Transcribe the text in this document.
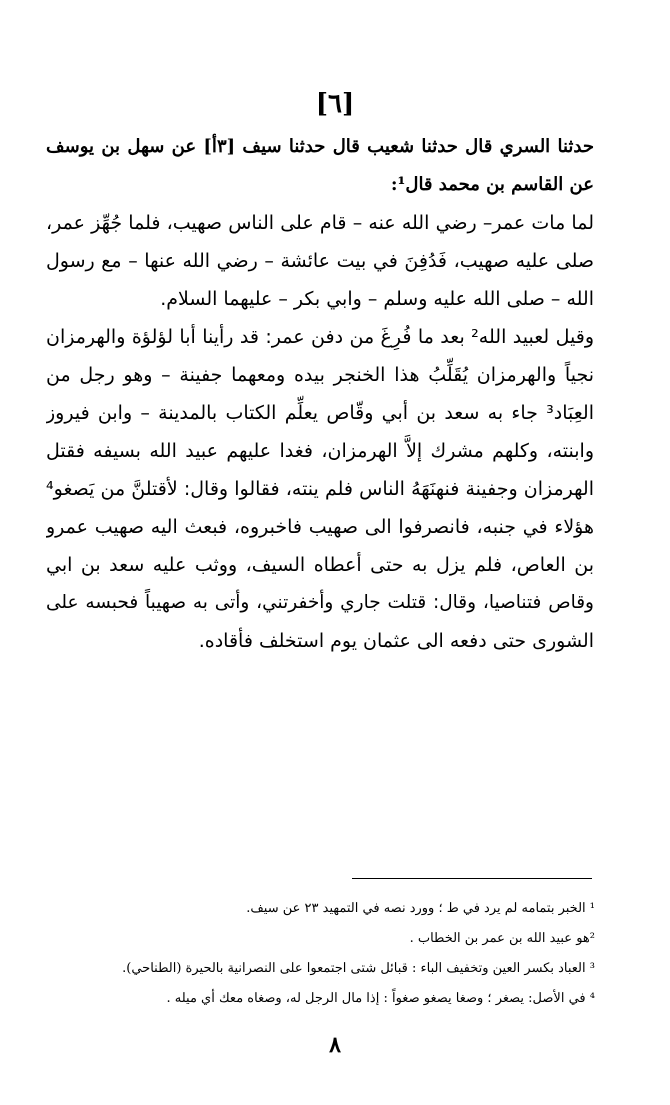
[٦]
حدثنا السري قال حدثنا شعيب قال حدثنا سيف [٣أ] عن سهل بن يوسف
عن القاسم بن محمد قال¹:
لما مات عمر– رضي الله عنه – قام على الناس صهيب، فلما جُهِّز عمر،
صلى عليه صهيب، فَدُفِنَ في بيت عائشة – رضي الله عنها – مع رسول
الله – صلى الله عليه وسلم – وابي بكر – عليهما السلام.
وقيل لعبيد الله² بعد ما فُرِغَ من دفن عمر: قد رأينا أبا لؤلؤة والهرمزان
نجياً والهرمزان يُقَلِّبُ هذا الخنجر بيده ومعهما جفينة – وهو رجل من
العِبَاد³ جاء به سعد بن أبي وقّاص يعلِّم الكتاب بالمدينة – وابن فيروز
وابنته، وكلهم مشرك إلاَّ الهرمزان، فغدا عليهم عبيد الله بسيفه فقتل
الهرمزان وجفينة فنهنَهَهُ الناس فلم ينته، فقالوا وقال: لأقتلنَّ من يَصغو⁴
هؤلاء في جنبه، فانصرفوا الى صهيب فاخبروه، فبعث اليه صهيب عمرو
بن العاص، فلم يزل به حتى أعطاه السيف، ووثب عليه سعد بن ابي
وقاص فتناصيا، وقال: قتلت جاري وأخفرتني، وأتى به صهيباً فحبسه على
الشورى حتى دفعه الى عثمان يوم استخلف فأقاده.
¹ الخبر بتمامه لم يرد في ط ؛ وورد نصه في التمهيد ٢٣ عن سيف.
²هو عبيد الله بن عمر بن الخطاب .
³ العباد بكسر العين وتخفيف الباء : قبائل شتى اجتمعوا على النصرانية بالحيرة (الطناحي).
⁴ في الأصل: يصغر ؛ وصغا يصغو صغواً : إذا مال الرجل له، وصغاه معك أي ميله .
٨
